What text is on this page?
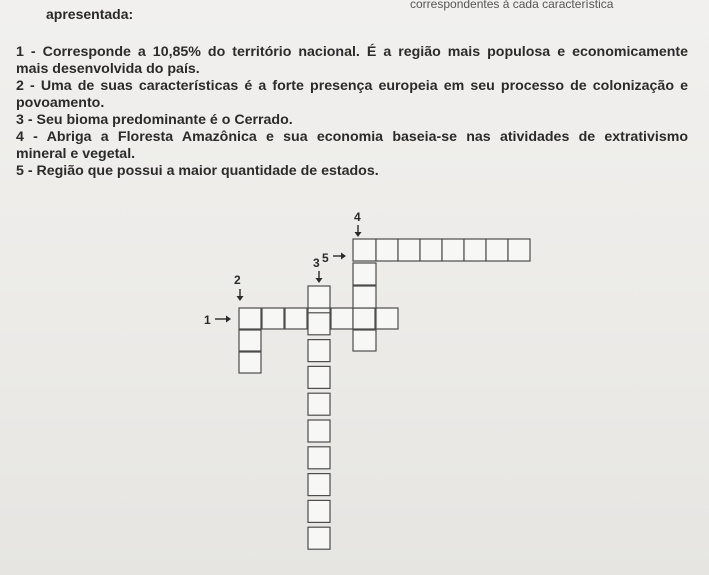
correspondentes à cada característica
apresentada:
1 - Corresponde a 10,85% do território nacional. É a região mais populosa e economicamente
mais desenvolvida do país.
2 - Uma de suas características é a forte presença europeia em seu processo de colonização e
povoamento.
3 - Seu bioma predominante é o Cerrado.
4 - Abriga a Floresta Amazônica e sua economia baseia-se nas atividades de extrativismo
mineral e vegetal.
5 - Região que possui a maior quantidade de estados.
4
5
3
2
1
